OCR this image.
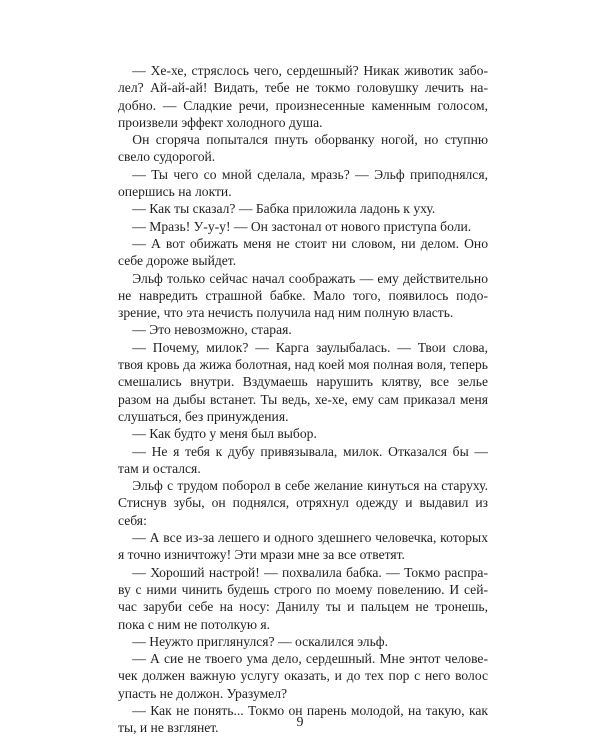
— Хе-хе, стряслось чего, сердешный? Никак животик заболел? Ай-ай-ай! Видать, тебе не токмо головушку лечить надобно. — Сладкие речи, произнесенные каменным голосом, произвели эффект холодного душа.

Он сгоряча попытался пнуть оборванку ногой, но ступню свело судорогой.

— Ты чего со мной сделала, мразь? — Эльф приподнялся, опершись на локти.

— Как ты сказал? — Бабка приложила ладонь к уху.

— Мразь! У-у-у! — Он застонал от нового приступа боли.

— А вот обижать меня не стоит ни словом, ни делом. Оно себе дороже выйдет.

Эльф только сейчас начал соображать — ему действительно не навредить страшной бабке. Мало того, появилось подозрение, что эта нечисть получила над ним полную власть.

— Это невозможно, старая.

— Почему, милок? — Карга заулыбалась. — Твои слова, твоя кровь да жижа болотная, над коей моя полная воля, теперь смешались внутри. Вздумаешь нарушить клятву, все зелье разом на дыбы встанет. Ты ведь, хе-хе, ему сам приказал меня слушаться, без принуждения.

— Как будто у меня был выбор.

— Не я тебя к дубу привязывала, милок. Отказался бы — там и остался.

Эльф с трудом поборол в себе желание кинуться на старуху. Стиснув зубы, он поднялся, отряхнул одежду и выдавил из себя:

— А все из-за лешего и одного здешнего человечка, которых я точно изничтожу! Эти мрази мне за все ответят.

— Хороший настрой! — похвалила бабка. — Токмо расправу с ними чинить будешь строго по моему повелению. И сейчас заруби себе на носу: Данилу ты и пальцем не тронешь, пока с ним не потолкую я.

— Неужто приглянулся? — оскалился эльф.

— А сие не твоего ума дело, сердешный. Мне энтот человечек должен важную услугу оказать, и до тех пор с него волос упасть не должон. Уразумел?

— Как не понять... Токмо он парень молодой, на такую, как ты, и не взглянет.	9
